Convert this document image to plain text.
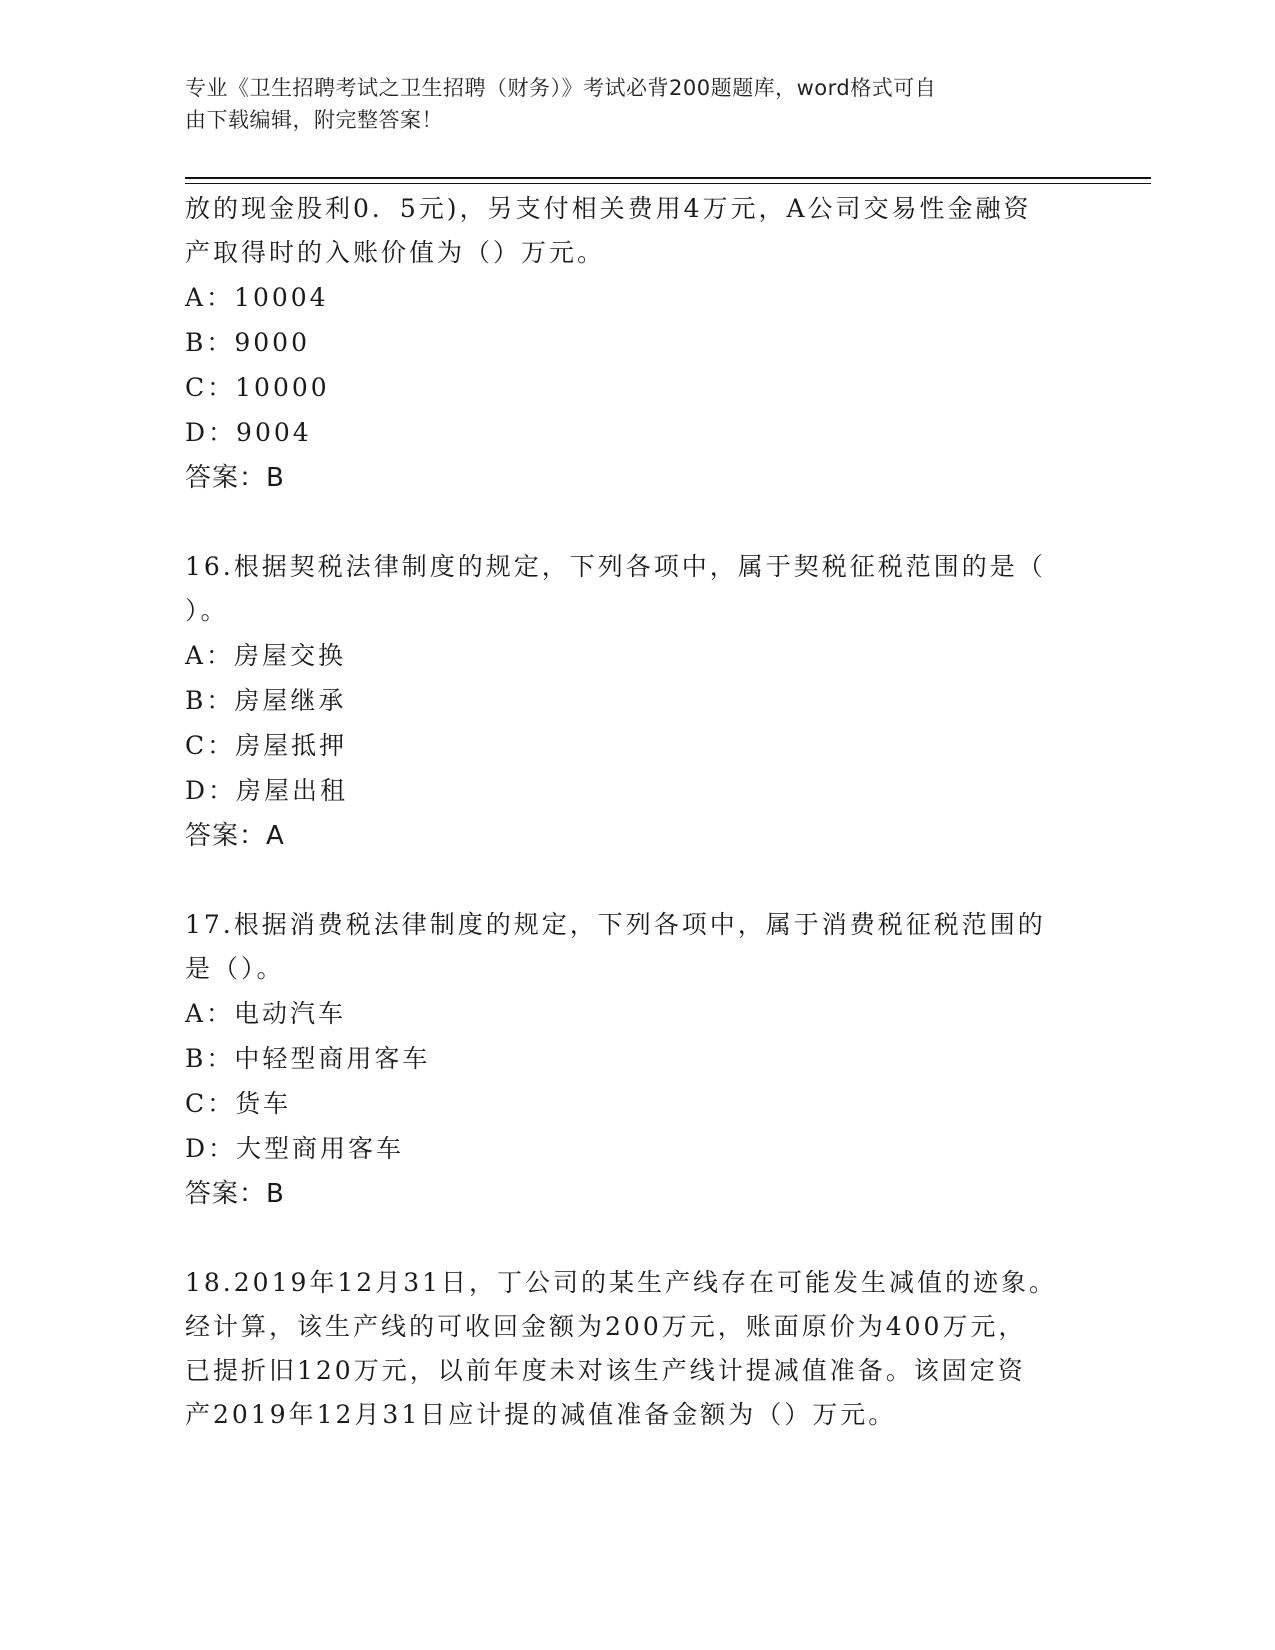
专业《卫生招聘考试之卫生招聘（财务）》考试必背200题题库，word格式可自
由下载编辑，附完整答案！

放的现金股利0．5元)，另支付相关费用4万元，A公司交易性金融资

产取得时的入账价值为（）万元。

A：10004

B：9000

C：10000

D：9004

答案：B

16.根据契税法律制度的规定，下列各项中，属于契税征税范围的是（

）。

A：房屋交换

B：房屋继承

C：房屋抵押

D：房屋出租

答案：A

17.根据消费税法律制度的规定，下列各项中，属于消费税征税范围的

是（）。

A：电动汽车

B：中轻型商用客车

C：货车

D：大型商用客车

答案：B

18.2019年12月31日，丁公司的某生产线存在可能发生减值的迹象。

经计算，该生产线的可收回金额为200万元，账面原价为400万元，

已提折旧120万元，以前年度未对该生产线计提减值准备。该固定资

产2019年12月31日应计提的减值准备金额为（）万元。
